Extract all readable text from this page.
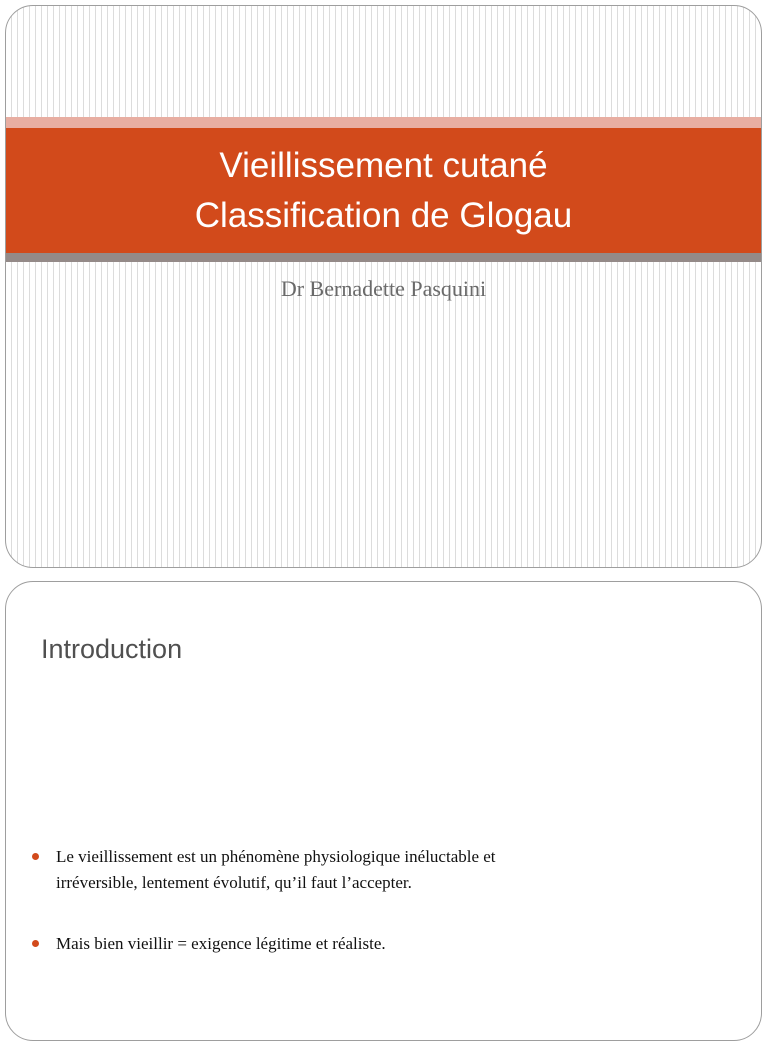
Vieillissement cutané
Classification de Glogau
Dr Bernadette Pasquini
Introduction
Le vieillissement est un phénomène physiologique inéluctable et irréversible, lentement évolutif, qu’il faut l’accepter.
Mais bien vieillir = exigence légitime et réaliste.
